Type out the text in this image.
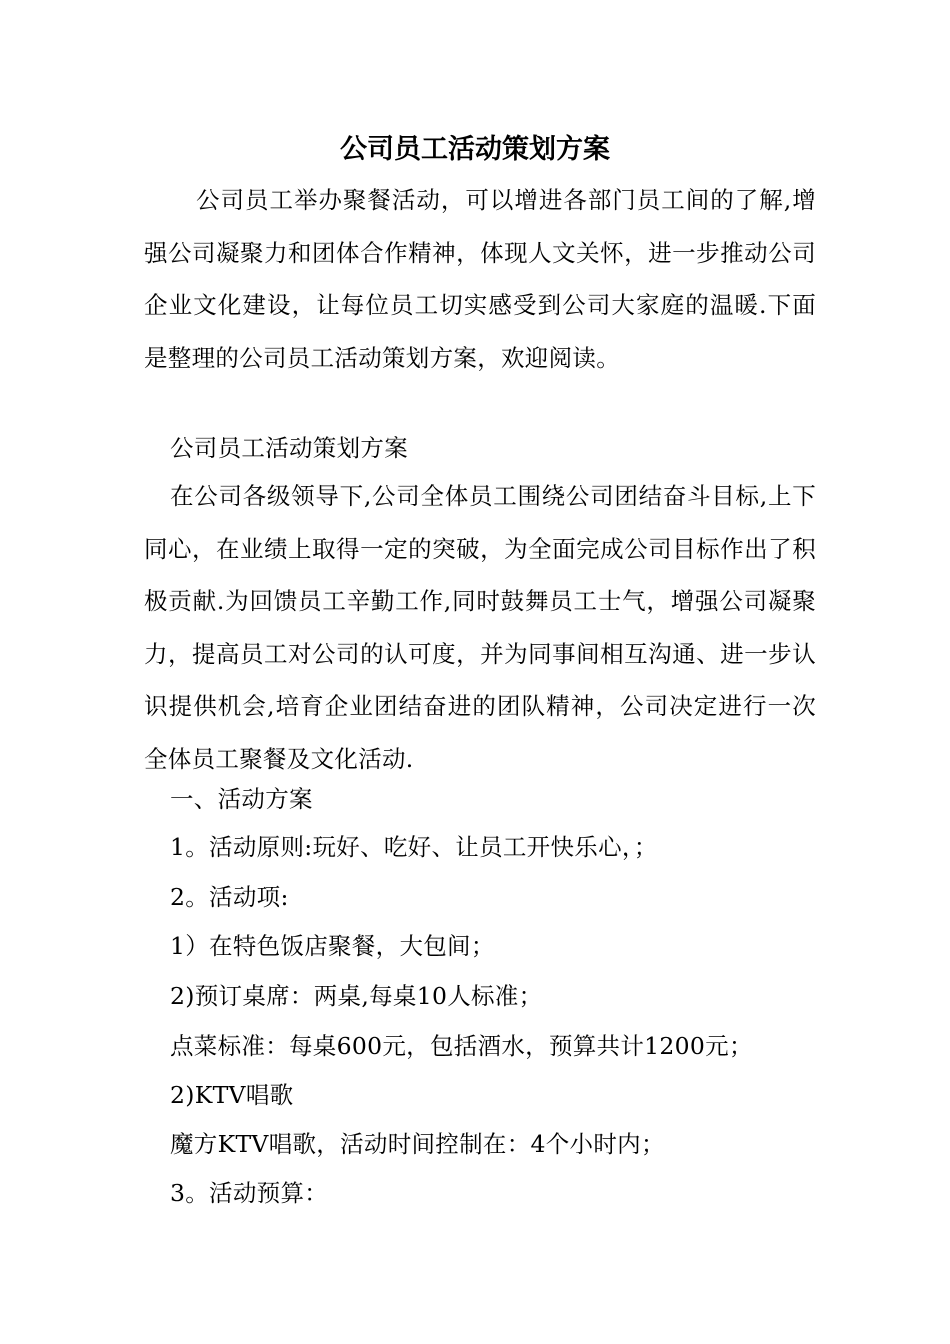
公司员工活动策划方案

公司员工举办聚餐活动，可以增进各部门员工间的了解,增强公司凝聚力和团体合作精神，体现人文关怀，进一步推动公司企业文化建设，让每位员工切实感受到公司大家庭的温暖.下面是整理的公司员工活动策划方案，欢迎阅读。

公司员工活动策划方案

在公司各级领导下,公司全体员工围绕公司团结奋斗目标,上下同心，在业绩上取得一定的突破，为全面完成公司目标作出了积极贡献.为回馈员工辛勤工作,同时鼓舞员工士气，增强公司凝聚力，提高员工对公司的认可度，并为同事间相互沟通、进一步认识提供机会,培育企业团结奋进的团队精神，公司决定进行一次全体员工聚餐及文化活动.

一、活动方案

1。活动原则:玩好、吃好、让员工开快乐心，；

2。活动项:

1）在特色饭店聚餐，大包间；

2)预订桌席：两桌,每桌10人标准；

点菜标准：每桌600元，包括酒水，预算共计1200元；

2)KTV唱歌

魔方KTV唱歌，活动时间控制在：4个小时内；

3。活动预算：
